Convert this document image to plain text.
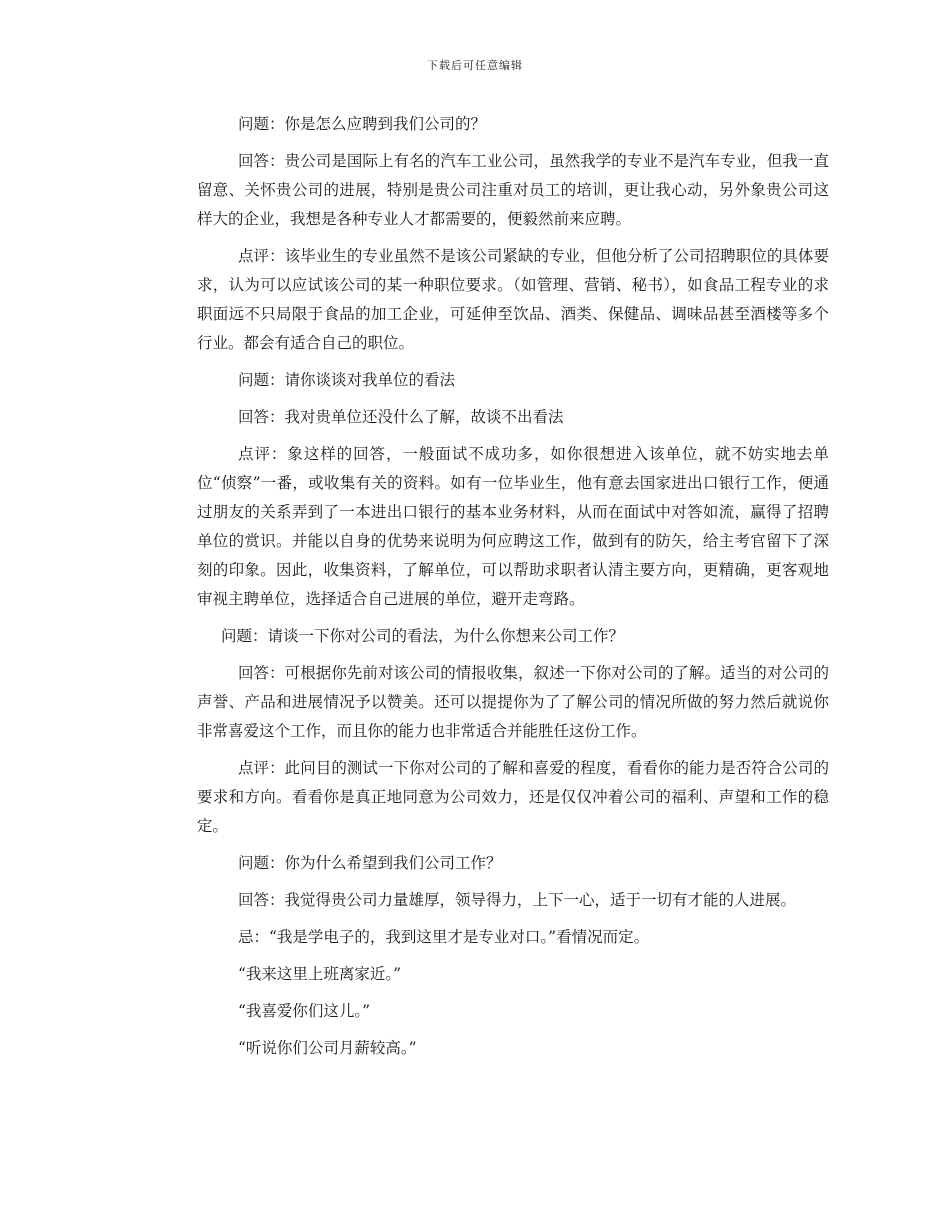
下载后可任意编辑

问题：你是怎么应聘到我们公司的？

回答：贵公司是国际上有名的汽车工业公司，虽然我学的专业不是汽车专业，但我一直留意、关怀贵公司的进展，特别是贵公司注重对员工的培训，更让我心动，另外象贵公司这样大的企业，我想是各种专业人才都需要的，便毅然前来应聘。

点评：该毕业生的专业虽然不是该公司紧缺的专业，但他分析了公司招聘职位的具体要求，认为可以应试该公司的某一种职位要求。（如管理、营销、秘书），如食品工程专业的求职面远不只局限于食品的加工企业，可延伸至饮品、酒类、保健品、调味品甚至酒楼等多个行业。都会有适合自己的职位。

问题：请你谈谈对我单位的看法

回答：我对贵单位还没什么了解，故谈不出看法

点评：象这样的回答，一般面试不成功多，如你很想进入该单位，就不妨实地去单位“侦察”一番，或收集有关的资料。如有一位毕业生，他有意去国家进出口银行工作，便通过朋友的关系弄到了一本进出口银行的基本业务材料，从而在面试中对答如流，赢得了招聘单位的赏识。并能以自身的优势来说明为何应聘这工作，做到有的防矢，给主考官留下了深刻的印象。因此，收集资料，了解单位，可以帮助求职者认清主要方向，更精确，更客观地审视主聘单位，选择适合自己进展的单位，避开走弯路。

问题：请谈一下你对公司的看法，为什么你想来公司工作？

回答：可根据你先前对该公司的情报收集，叙述一下你对公司的了解。适当的对公司的声誉、产品和进展情况予以赞美。还可以提提你为了了解公司的情况所做的努力然后就说你非常喜爱这个工作，而且你的能力也非常适合并能胜任这份工作。

点评：此问目的测试一下你对公司的了解和喜爱的程度，看看你的能力是否符合公司的要求和方向。看看你是真正地同意为公司效力，还是仅仅冲着公司的福利、声望和工作的稳定。

问题：你为什么希望到我们公司工作？

回答：我觉得贵公司力量雄厚，领导得力，上下一心，适于一切有才能的人进展。

忌：“我是学电子的，我到这里才是专业对口。”看情况而定。

“我来这里上班离家近。”

“我喜爱你们这儿。”

“听说你们公司月薪较高。”
